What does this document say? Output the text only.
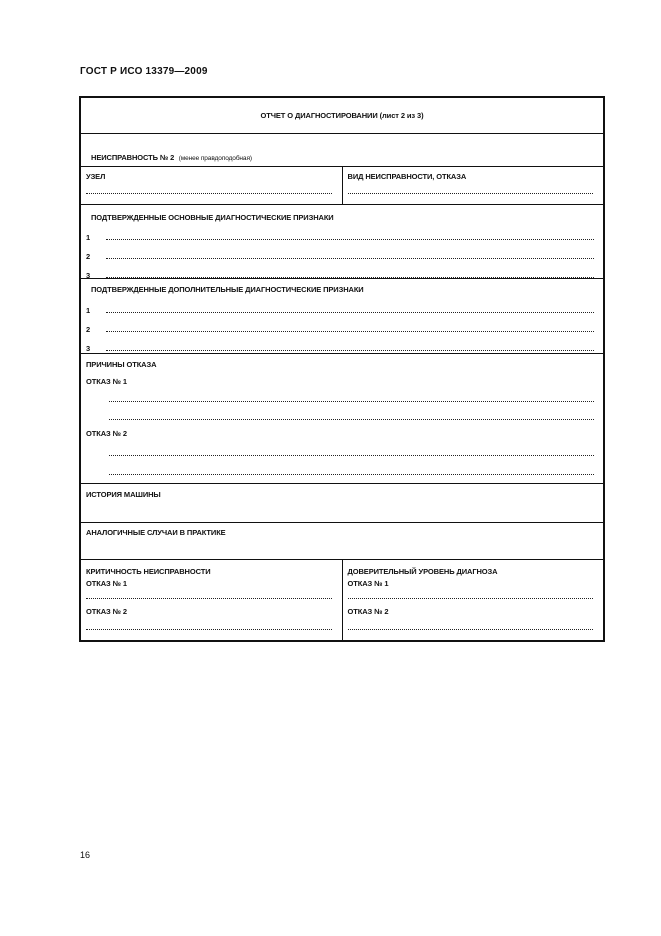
ГОСТ Р ИСО 13379—2009
ОТЧЕТ О ДИАГНОСТИРОВАНИИ (лист 2 из 3)
НЕИСПРАВНОСТЬ № 2 (менее правдоподобная)
УЗЕЛ	ВИД НЕИСПРАВНОСТИ, ОТКАЗА
ПОДТВЕРЖДЕННЫЕ ОСНОВНЫЕ ДИАГНОСТИЧЕСКИЕ ПРИЗНАКИ
1
2
3
ПОДТВЕРЖДЕННЫЕ ДОПОЛНИТЕЛЬНЫЕ ДИАГНОСТИЧЕСКИЕ ПРИЗНАКИ
1
2
3
ПРИЧИНЫ ОТКАЗА
ОТКАЗ № 1
ОТКАЗ № 2
ИСТОРИЯ МАШИНЫ
АНАЛОГИЧНЫЕ СЛУЧАИ В ПРАКТИКЕ
КРИТИЧНОСТЬ НЕИСПРАВНОСТИ
ОТКАЗ № 1
ОТКАЗ № 2
ДОВЕРИТЕЛЬНЫЙ УРОВЕНЬ ДИАГНОЗА
ОТКАЗ № 1
ОТКАЗ № 2
16
